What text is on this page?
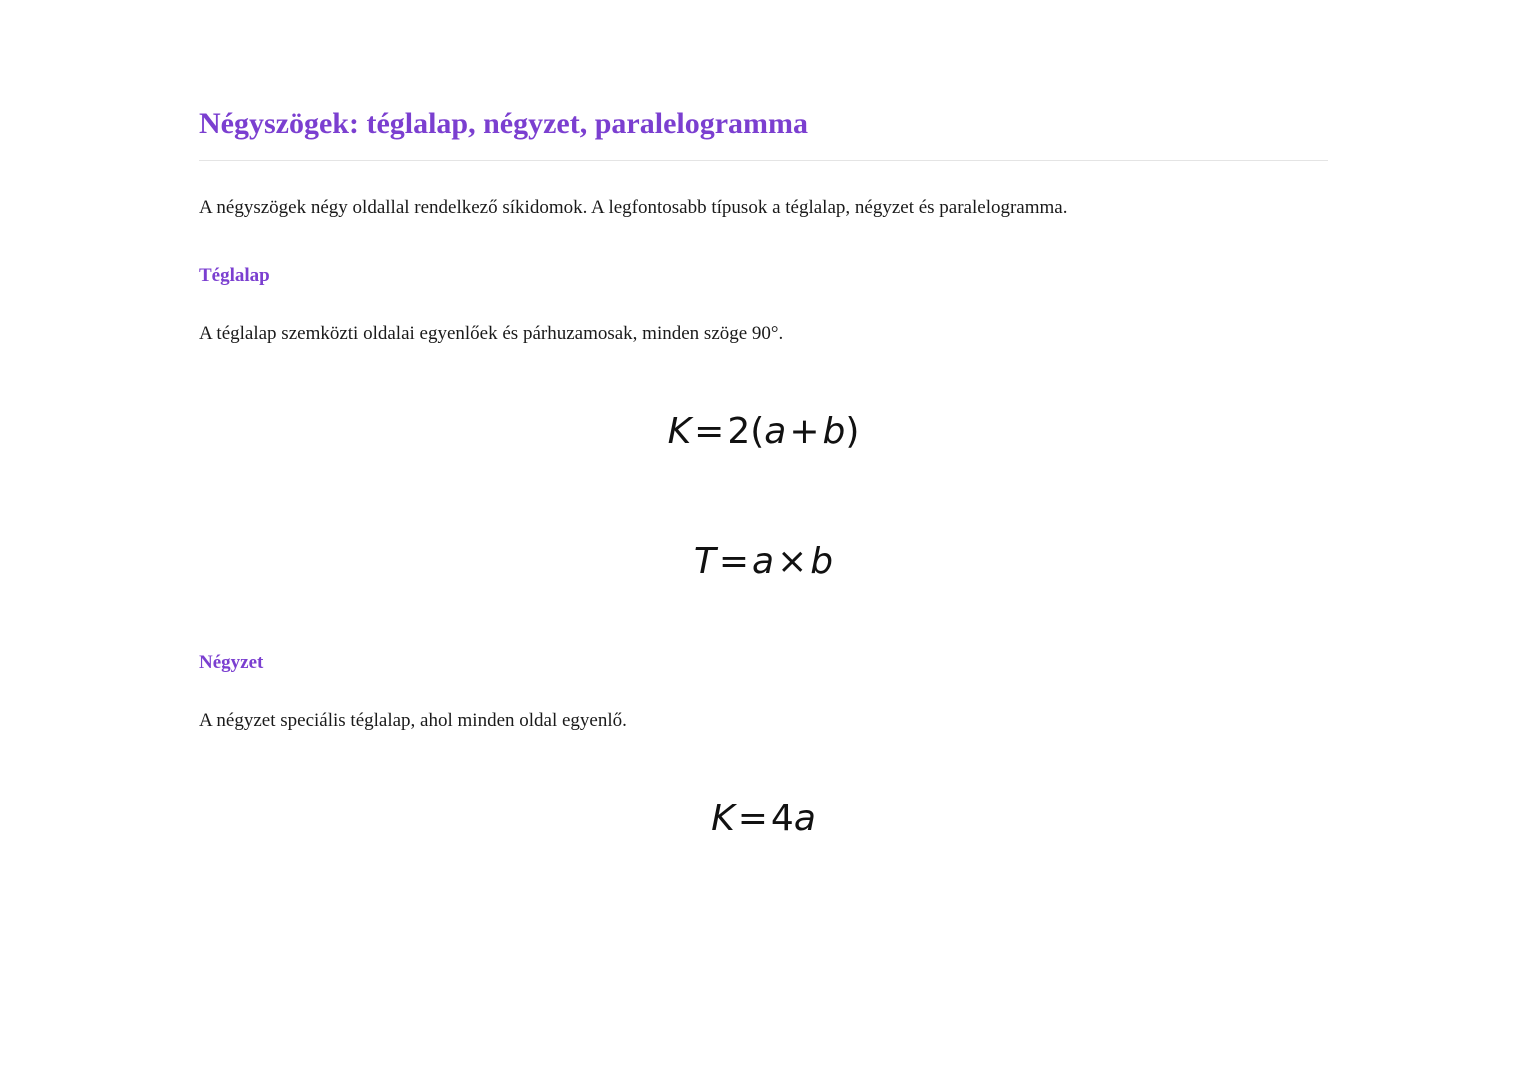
Négyszögek: téglalap, négyzet, paralelogramma

A négyszögek négy oldallal rendelkező síkidomok. A legfontosabb típusok a téglalap, négyzet és paralelogramma.

Téglalap

A téglalap szemközti oldalai egyenlőek és párhuzamosak, minden szöge 90°.

K=2(a+b)
T=a×b
Négyzet

A négyzet speciális téglalap, ahol minden oldal egyenlő.

K=4a
